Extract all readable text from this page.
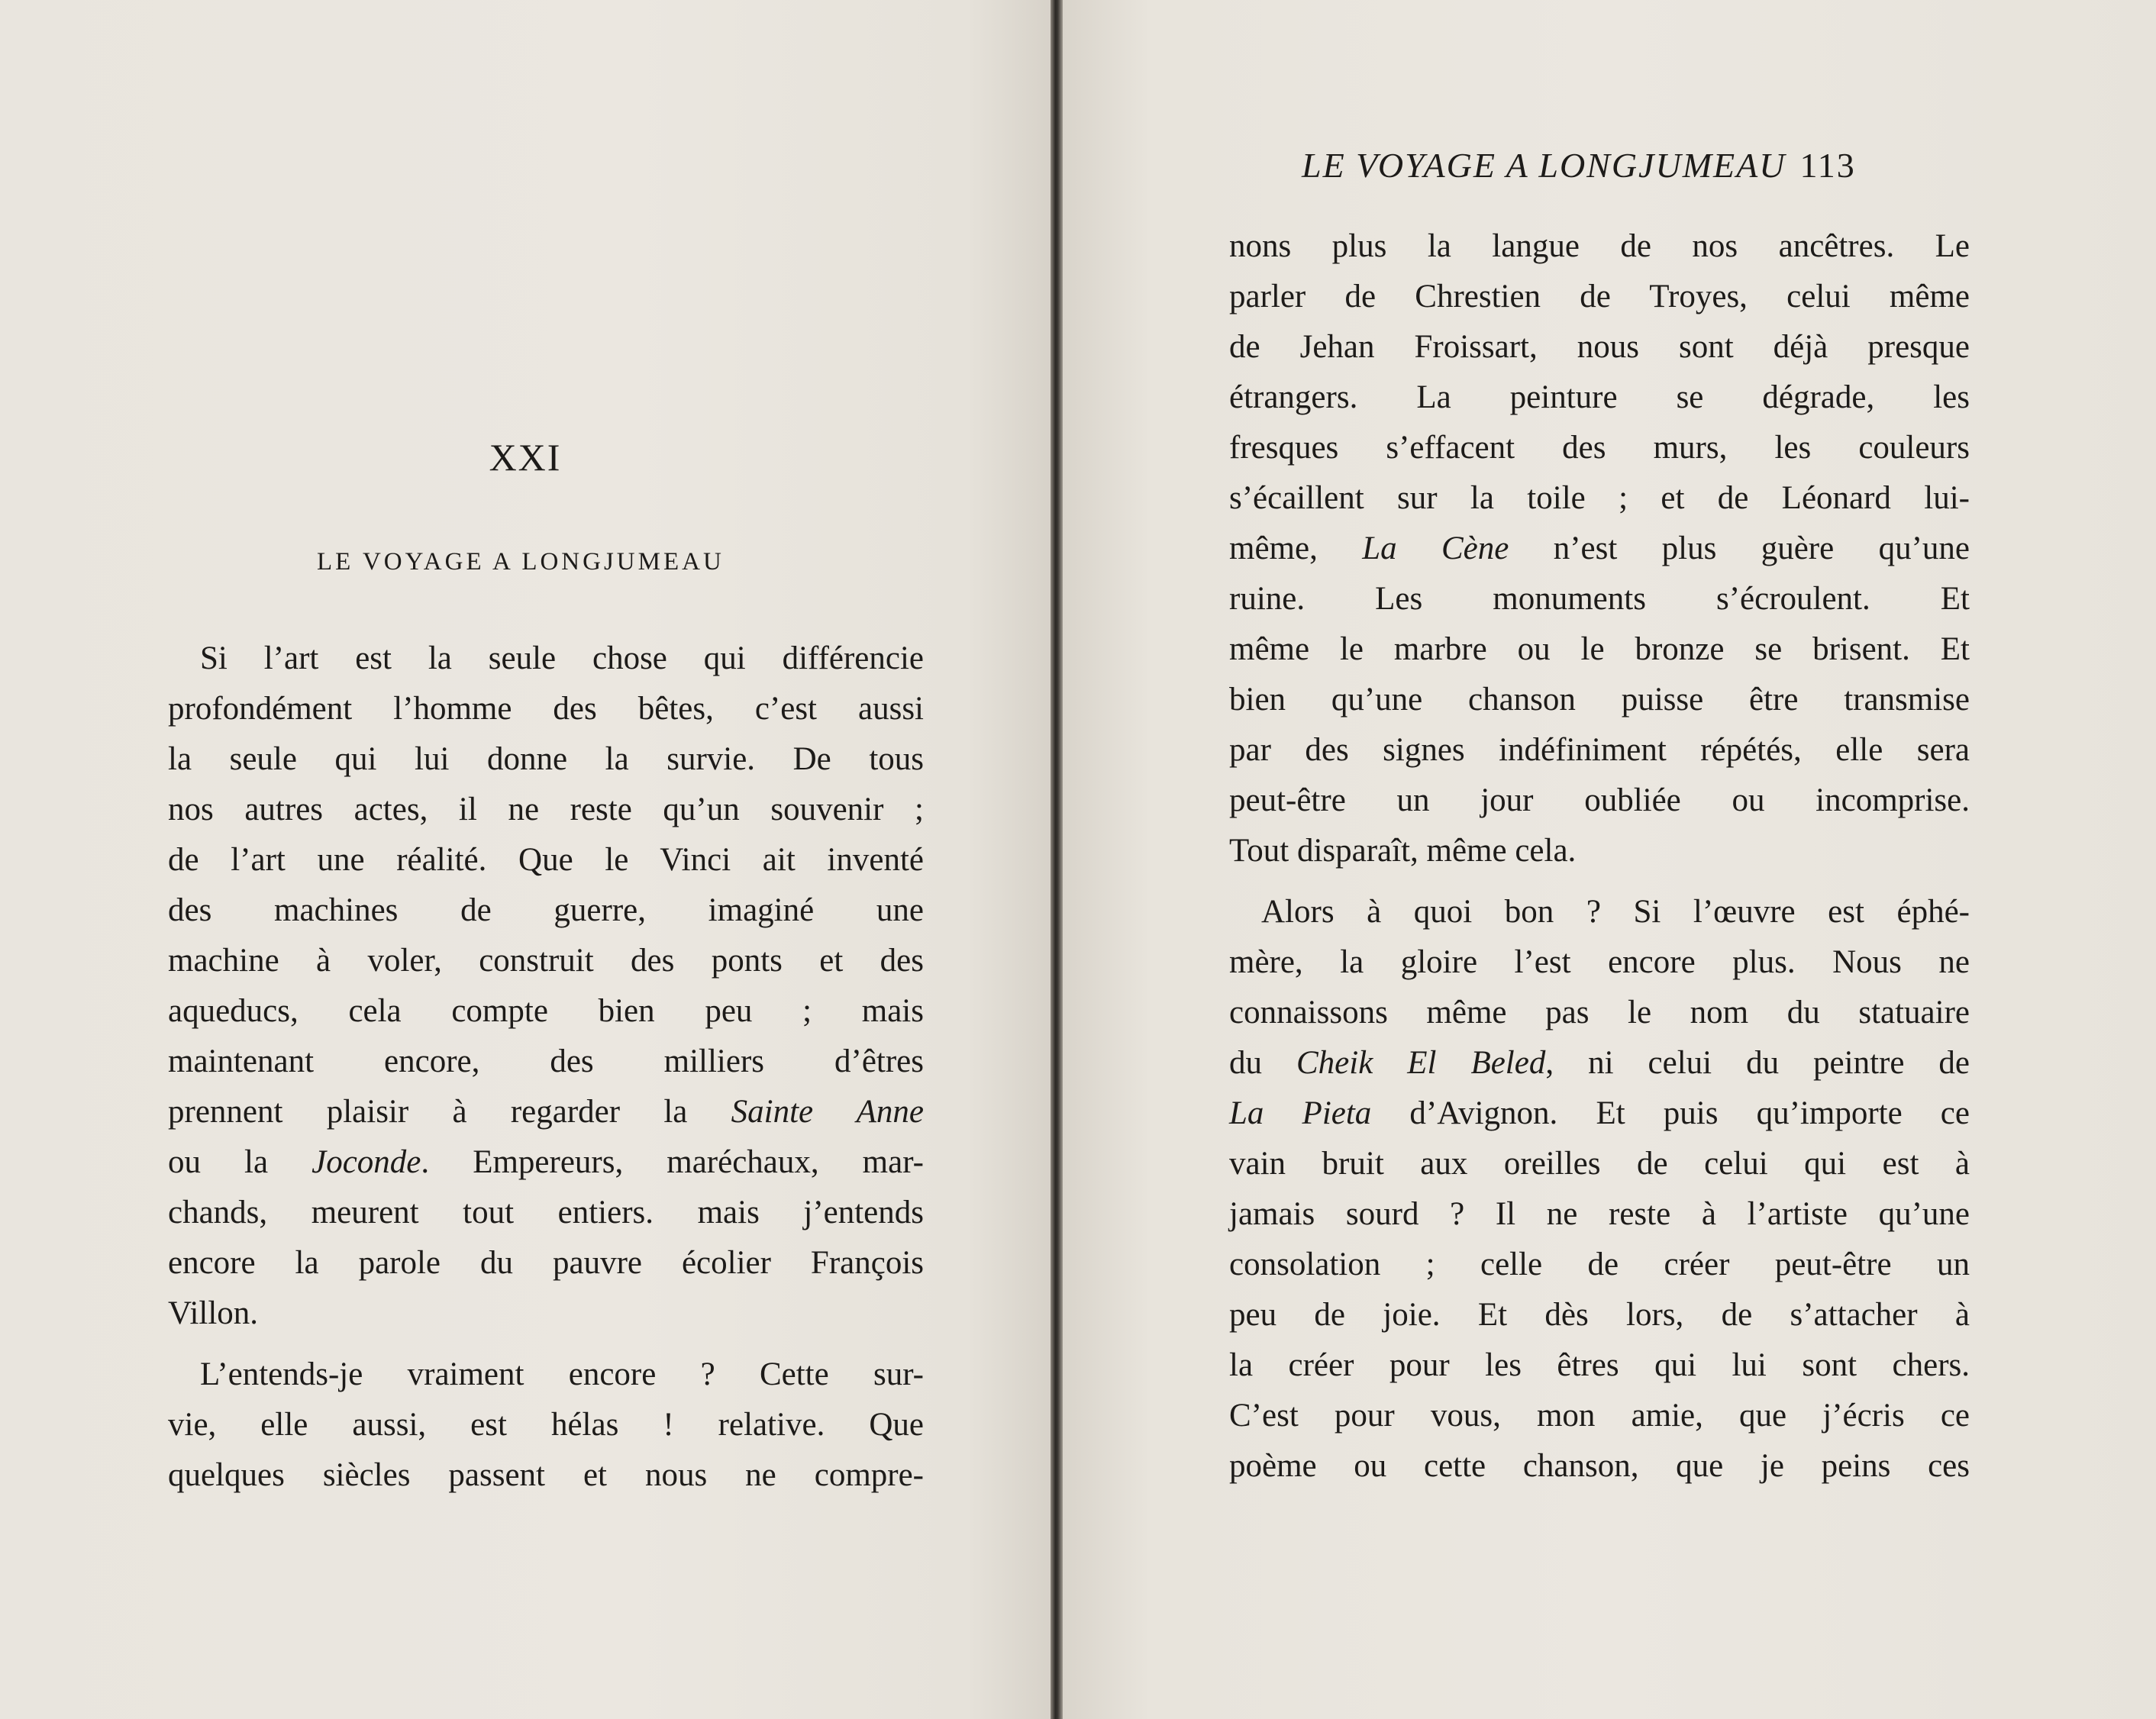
XXI
LE VOYAGE A LONGJUMEAU
Si l’art est la seule chose qui différencie
profondément l’homme des bêtes, c’est aussi
la seule qui lui donne la survie. De tous
nos autres actes, il ne reste qu’un souvenir ;
de l’art une réalité. Que le Vinci ait inventé
des machines de guerre, imaginé une
machine à voler, construit des ponts et des
aqueducs, cela compte bien peu ; mais
maintenant encore, des milliers d’êtres
prennent plaisir à regarder la Sainte Anne
ou la Joconde. Empereurs, maréchaux, mar-
chands, meurent tout entiers. mais j’entends
encore la parole du pauvre écolier François
Villon.
L’entends-je vraiment encore ? Cette sur-
vie, elle aussi, est hélas ! relative. Que
quelques siècles passent et nous ne compre-
LE VOYAGE A LONGJUMEAU 113
nons plus la langue de nos ancêtres. Le
parler de Chrestien de Troyes, celui même
de Jehan Froissart, nous sont déjà presque
étrangers. La peinture se dégrade, les
fresques s’effacent des murs, les couleurs
s’écaillent sur la toile ; et de Léonard lui-
même, La Cène n’est plus guère qu’une
ruine. Les monuments s’écroulent. Et
même le marbre ou le bronze se brisent. Et
bien qu’une chanson puisse être transmise
par des signes indéfiniment répétés, elle sera
peut-être un jour oubliée ou incomprise.
Tout disparaît, même cela.
Alors à quoi bon ? Si l’œuvre est éphé-
mère, la gloire l’est encore plus. Nous ne
connaissons même pas le nom du statuaire
du Cheik El Beled, ni celui du peintre de
La Pieta d’Avignon. Et puis qu’importe ce
vain bruit aux oreilles de celui qui est à
jamais sourd ? Il ne reste à l’artiste qu’une
consolation ; celle de créer peut-être un
peu de joie. Et dès lors, de s’attacher à
la créer pour les êtres qui lui sont chers.
C’est pour vous, mon amie, que j’écris ce
poème ou cette chanson, que je peins ces
